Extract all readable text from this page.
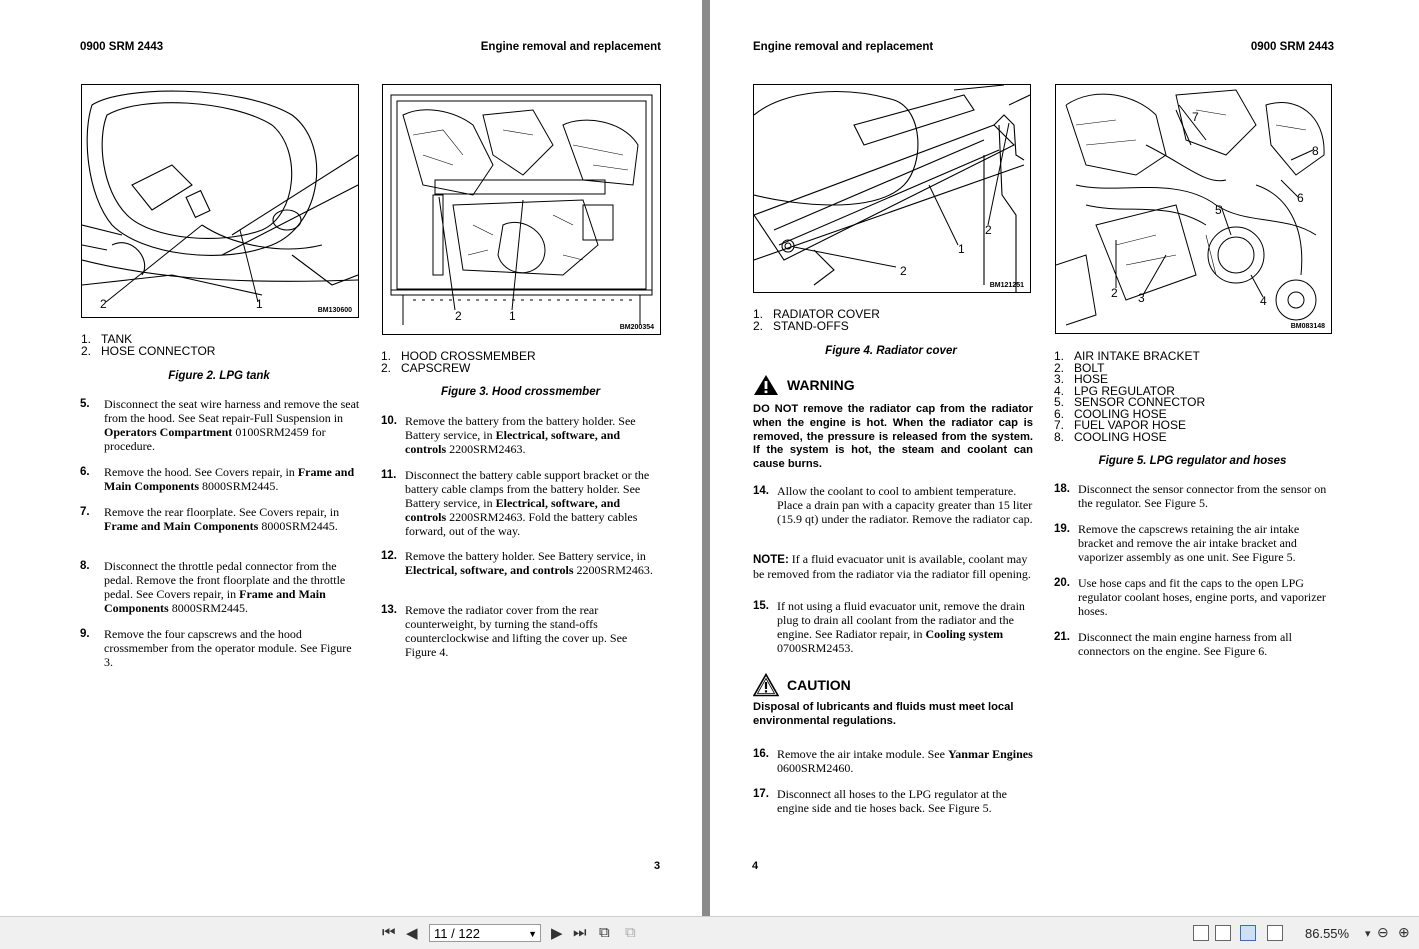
0900 SRM 2443	Engine removal and replacement
2	1	BM130600
1. TANK
2. HOSE CONNECTOR
Figure 2. LPG tank
2	1
BM200354
1. HOOD CROSSMEMBER
2. CAPSCREW
Figure 3. Hood crossmember
5. Disconnect the seat wire harness and remove the seat from the hood. See Seat repair-Full Suspension in Operators Compartment 0100SRM2459 for procedure.
6. Remove the hood. See Covers repair, in Frame and Main Components 8000SRM2445.
7. Remove the rear floorplate. See Covers repair, in Frame and Main Components 8000SRM2445.
8. Disconnect the throttle pedal connector from the pedal. Remove the front floorplate and the throttle pedal. See Covers repair, in Frame and Main Components 8000SRM2445.
9. Remove the four capscrews and the hood crossmember from the operator module. See Figure 3.
10. Remove the battery from the battery holder. See Battery service, in Electrical, software, and controls 2200SRM2463.
11. Disconnect the battery cable support bracket or the battery cable clamps from the battery holder. See Battery service, in Electrical, software, and controls 2200SRM2463. Fold the battery cables forward, out of the way.
12. Remove the battery holder. See Battery service, in Electrical, software, and controls 2200SRM2463.
13. Remove the radiator cover from the rear counterweight, by turning the stand-offs counterclockwise and lifting the cover up. See Figure 4.
3
Engine removal and replacement	0900 SRM 2443
1
2
2
BM121251
1. RADIATOR COVER
2. STAND-OFFS
Figure 4. Radiator cover
WARNING
DO NOT remove the radiator cap from the radiator when the engine is hot. When the radiator cap is removed, the pressure is released from the system. If the system is hot, the steam and coolant can cause burns.
14. Allow the coolant to cool to ambient temperature. Place a drain pan with a capacity greater than 15 liter (15.9 qt) under the radiator. Remove the radiator cap.
NOTE: If a fluid evacuator unit is available, coolant may be removed from the radiator via the radiator fill opening.
15. If not using a fluid evacuator unit, remove the drain plug to drain all coolant from the radiator and the engine. See Radiator repair, in Cooling system 0700SRM2453.
CAUTION
Disposal of lubricants and fluids must meet local environmental regulations.
16. Remove the air intake module. See Yanmar Engines 0600SRM2460.
17. Disconnect all hoses to the LPG regulator at the engine side and tie hoses back. See Figure 5.
7
2 3	4
5
6
8
1
BM083148
1. AIR INTAKE BRACKET
2. BOLT
3. HOSE
4. LPG REGULATOR
5. SENSOR CONNECTOR
6. COOLING HOSE
7. FUEL VAPOR HOSE
8. COOLING HOSE
Figure 5. LPG regulator and hoses
18. Disconnect the sensor connector from the sensor on the regulator. See Figure 5.
19. Remove the capscrews retaining the air intake bracket and remove the air intake bracket and vaporizer assembly as one unit. See Figure 5.
20. Use hose caps and fit the caps to the open LPG regulator coolant hoses, engine ports, and vaporizer hoses.
21. Disconnect the main engine harness from all connectors on the engine. See Figure 6.
4
⏮ ◀	11 / 122	▼ ▶ ⏭ ⧉ ⧉	86.55% ▾ ⊖ ⊕
